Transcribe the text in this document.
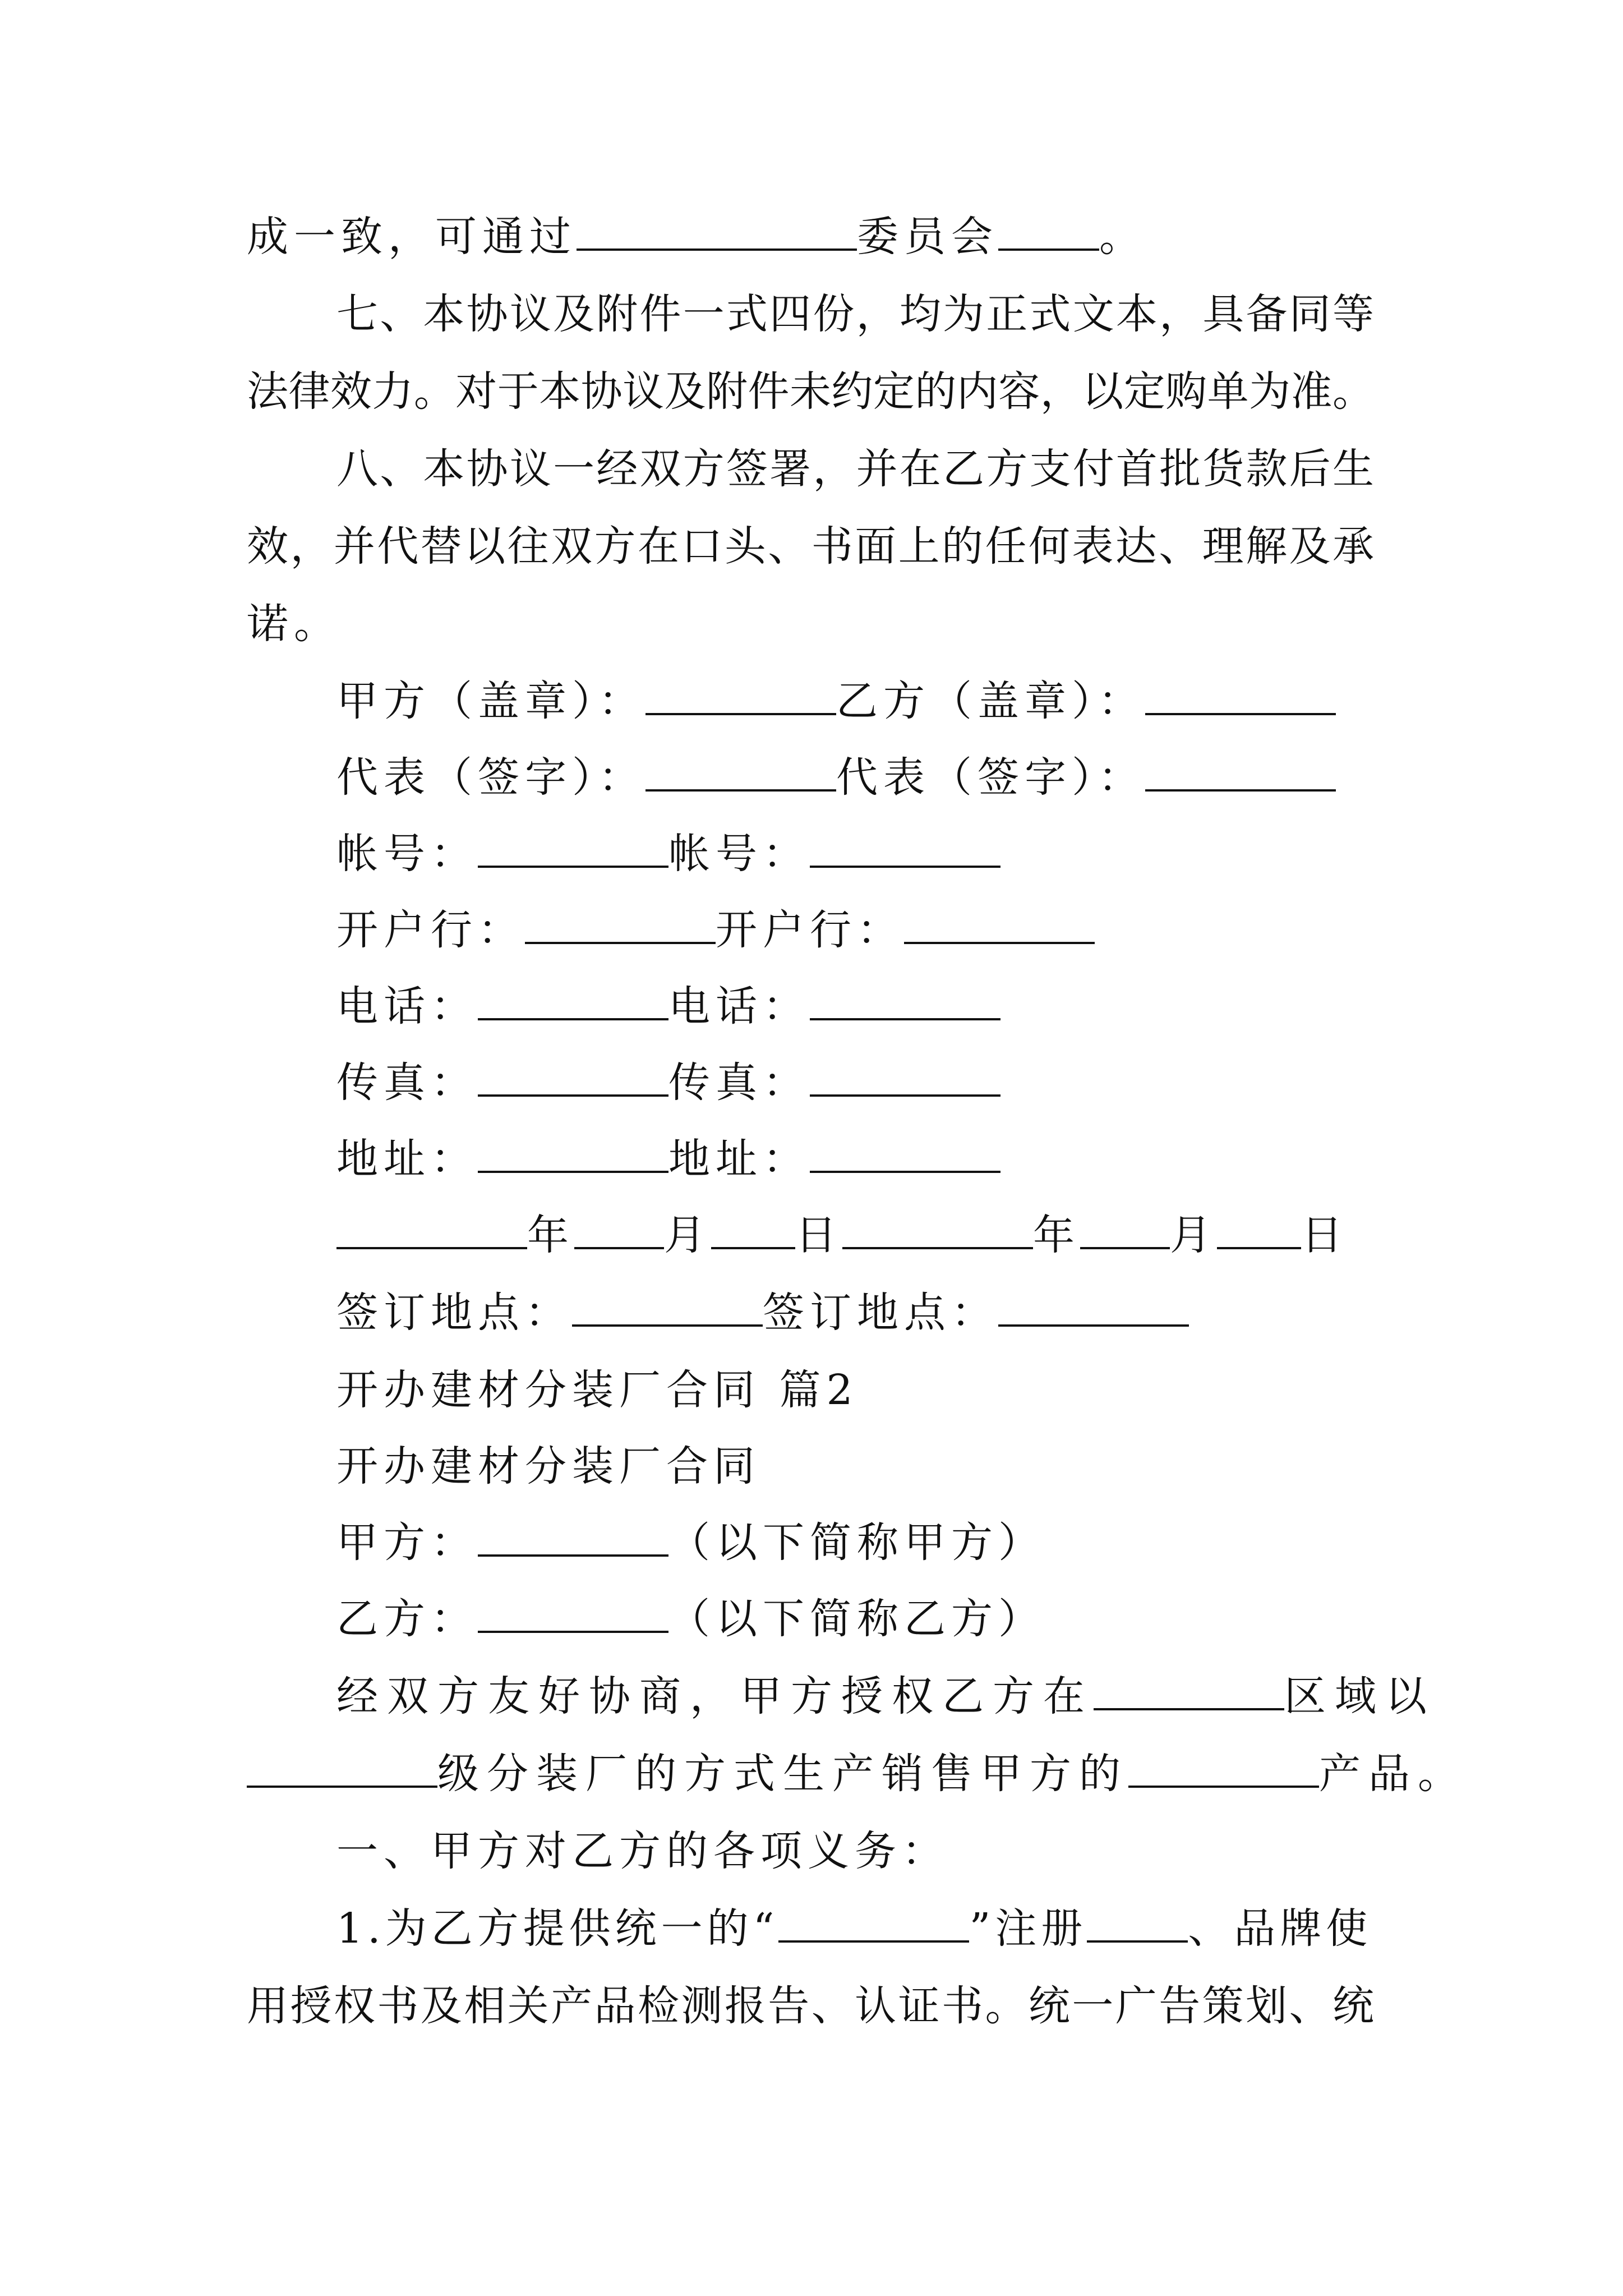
成一致，可通过	委员会 。
七、本协议及附件一式四份，均为正式文本，具备同等
法律效力。对于本协议及附件未约定的内容，以定购单为准。
八、本协议一经双方签署，并在乙方支付首批货款后生
效，并代替以往双方在口头、书面上的任何表达、理解及承
诺。
甲方（盖章）：	乙方（盖章）：
代表（签字）：	代表（签字）：
帐号：	帐号：
开户行：	开户行：
电话：	电话：
传真：	传真：
地址：	地址：
年 月 日	年 月 日
签订地点：	签订地点：
开办建材分装厂合同 篇2
开办建材分装厂合同
甲方：	（以下简称甲方）
乙方：	（以下简称乙方）
经双方友好协商，甲方授权乙方在	区域以
级分装厂的方式生产销售甲方的	产品。
一、甲方对乙方的各项义务：
1.为乙方提供统一的“	”注册 、品牌使
用授权书及相关产品检测报告、认证书。统一广告策划、统
